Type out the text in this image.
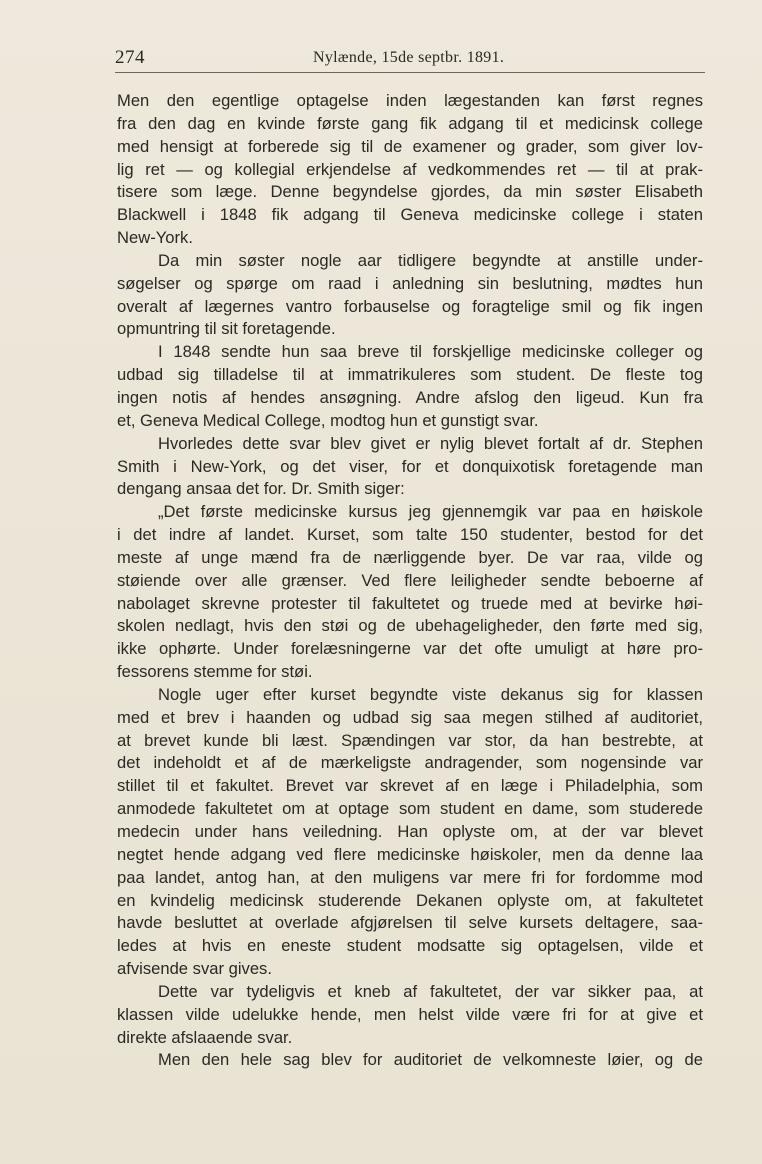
274	Nylænde, 15de septbr. 1891.
Men den egentlige optagelse inden lægestanden kan først regnes
fra den dag en kvinde første gang fik adgang til et medicinsk college
med hensigt at forberede sig til de examener og grader, som giver lov-
lig ret — og kollegial erkjendelse af vedkommendes ret — til at prak-
tisere som læge. Denne begyndelse gjordes, da min søster Elisabeth
Blackwell i 1848 fik adgang til Geneva medicinske college i staten
New-York.
Da min søster nogle aar tidligere begyndte at anstille under-
søgelser og spørge om raad i anledning sin beslutning, mødtes hun
overalt af lægernes vantro forbauselse og foragtelige smil og fik ingen
opmuntring til sit foretagende.
I 1848 sendte hun saa breve til forskjellige medicinske colleger og
udbad sig tilladelse til at immatrikuleres som student. De fleste tog
ingen notis af hendes ansøgning. Andre afslog den ligeud. Kun fra
et, Geneva Medical College, modtog hun et gunstigt svar.
Hvorledes dette svar blev givet er nylig blevet fortalt af dr. Stephen
Smith i New-York, og det viser, for et donquixotisk foretagende man
dengang ansaa det for. Dr. Smith siger:
„Det første medicinske kursus jeg gjennemgik var paa en høiskole
i det indre af landet. Kurset, som talte 150 studenter, bestod for det
meste af unge mænd fra de nærliggende byer. De var raa, vilde og
støiende over alle grænser. Ved flere leiligheder sendte beboerne af
nabolaget skrevne protester til fakultetet og truede med at bevirke høi-
skolen nedlagt, hvis den støi og de ubehageligheder, den førte med sig,
ikke ophørte. Under forelæsningerne var det ofte umuligt at høre pro-
fessorens stemme for støi.
Nogle uger efter kurset begyndte viste dekanus sig for klassen
med et brev i haanden og udbad sig saa megen stilhed af auditoriet,
at brevet kunde bli læst. Spændingen var stor, da han bestrebte, at
det indeholdt et af de mærkeligste andragender, som nogensinde var
stillet til et fakultet. Brevet var skrevet af en læge i Philadelphia, som
anmodede fakultetet om at optage som student en dame, som studerede
medecin under hans veiledning. Han oplyste om, at der var blevet
negtet hende adgang ved flere medicinske høiskoler, men da denne laa
paa landet, antog han, at den muligens var mere fri for fordomme mod
en kvindelig medicinsk studerende Dekanen oplyste om, at fakultetet
havde besluttet at overlade afgjørelsen til selve kursets deltagere, saa-
ledes at hvis en eneste student modsatte sig optagelsen, vilde et
afvisende svar gives.
Dette var tydeligvis et kneb af fakultetet, der var sikker paa, at
klassen vilde udelukke hende, men helst vilde være fri for at give et
direkte afslaaende svar.
Men den hele sag blev for auditoriet de velkomneste løier, og de
